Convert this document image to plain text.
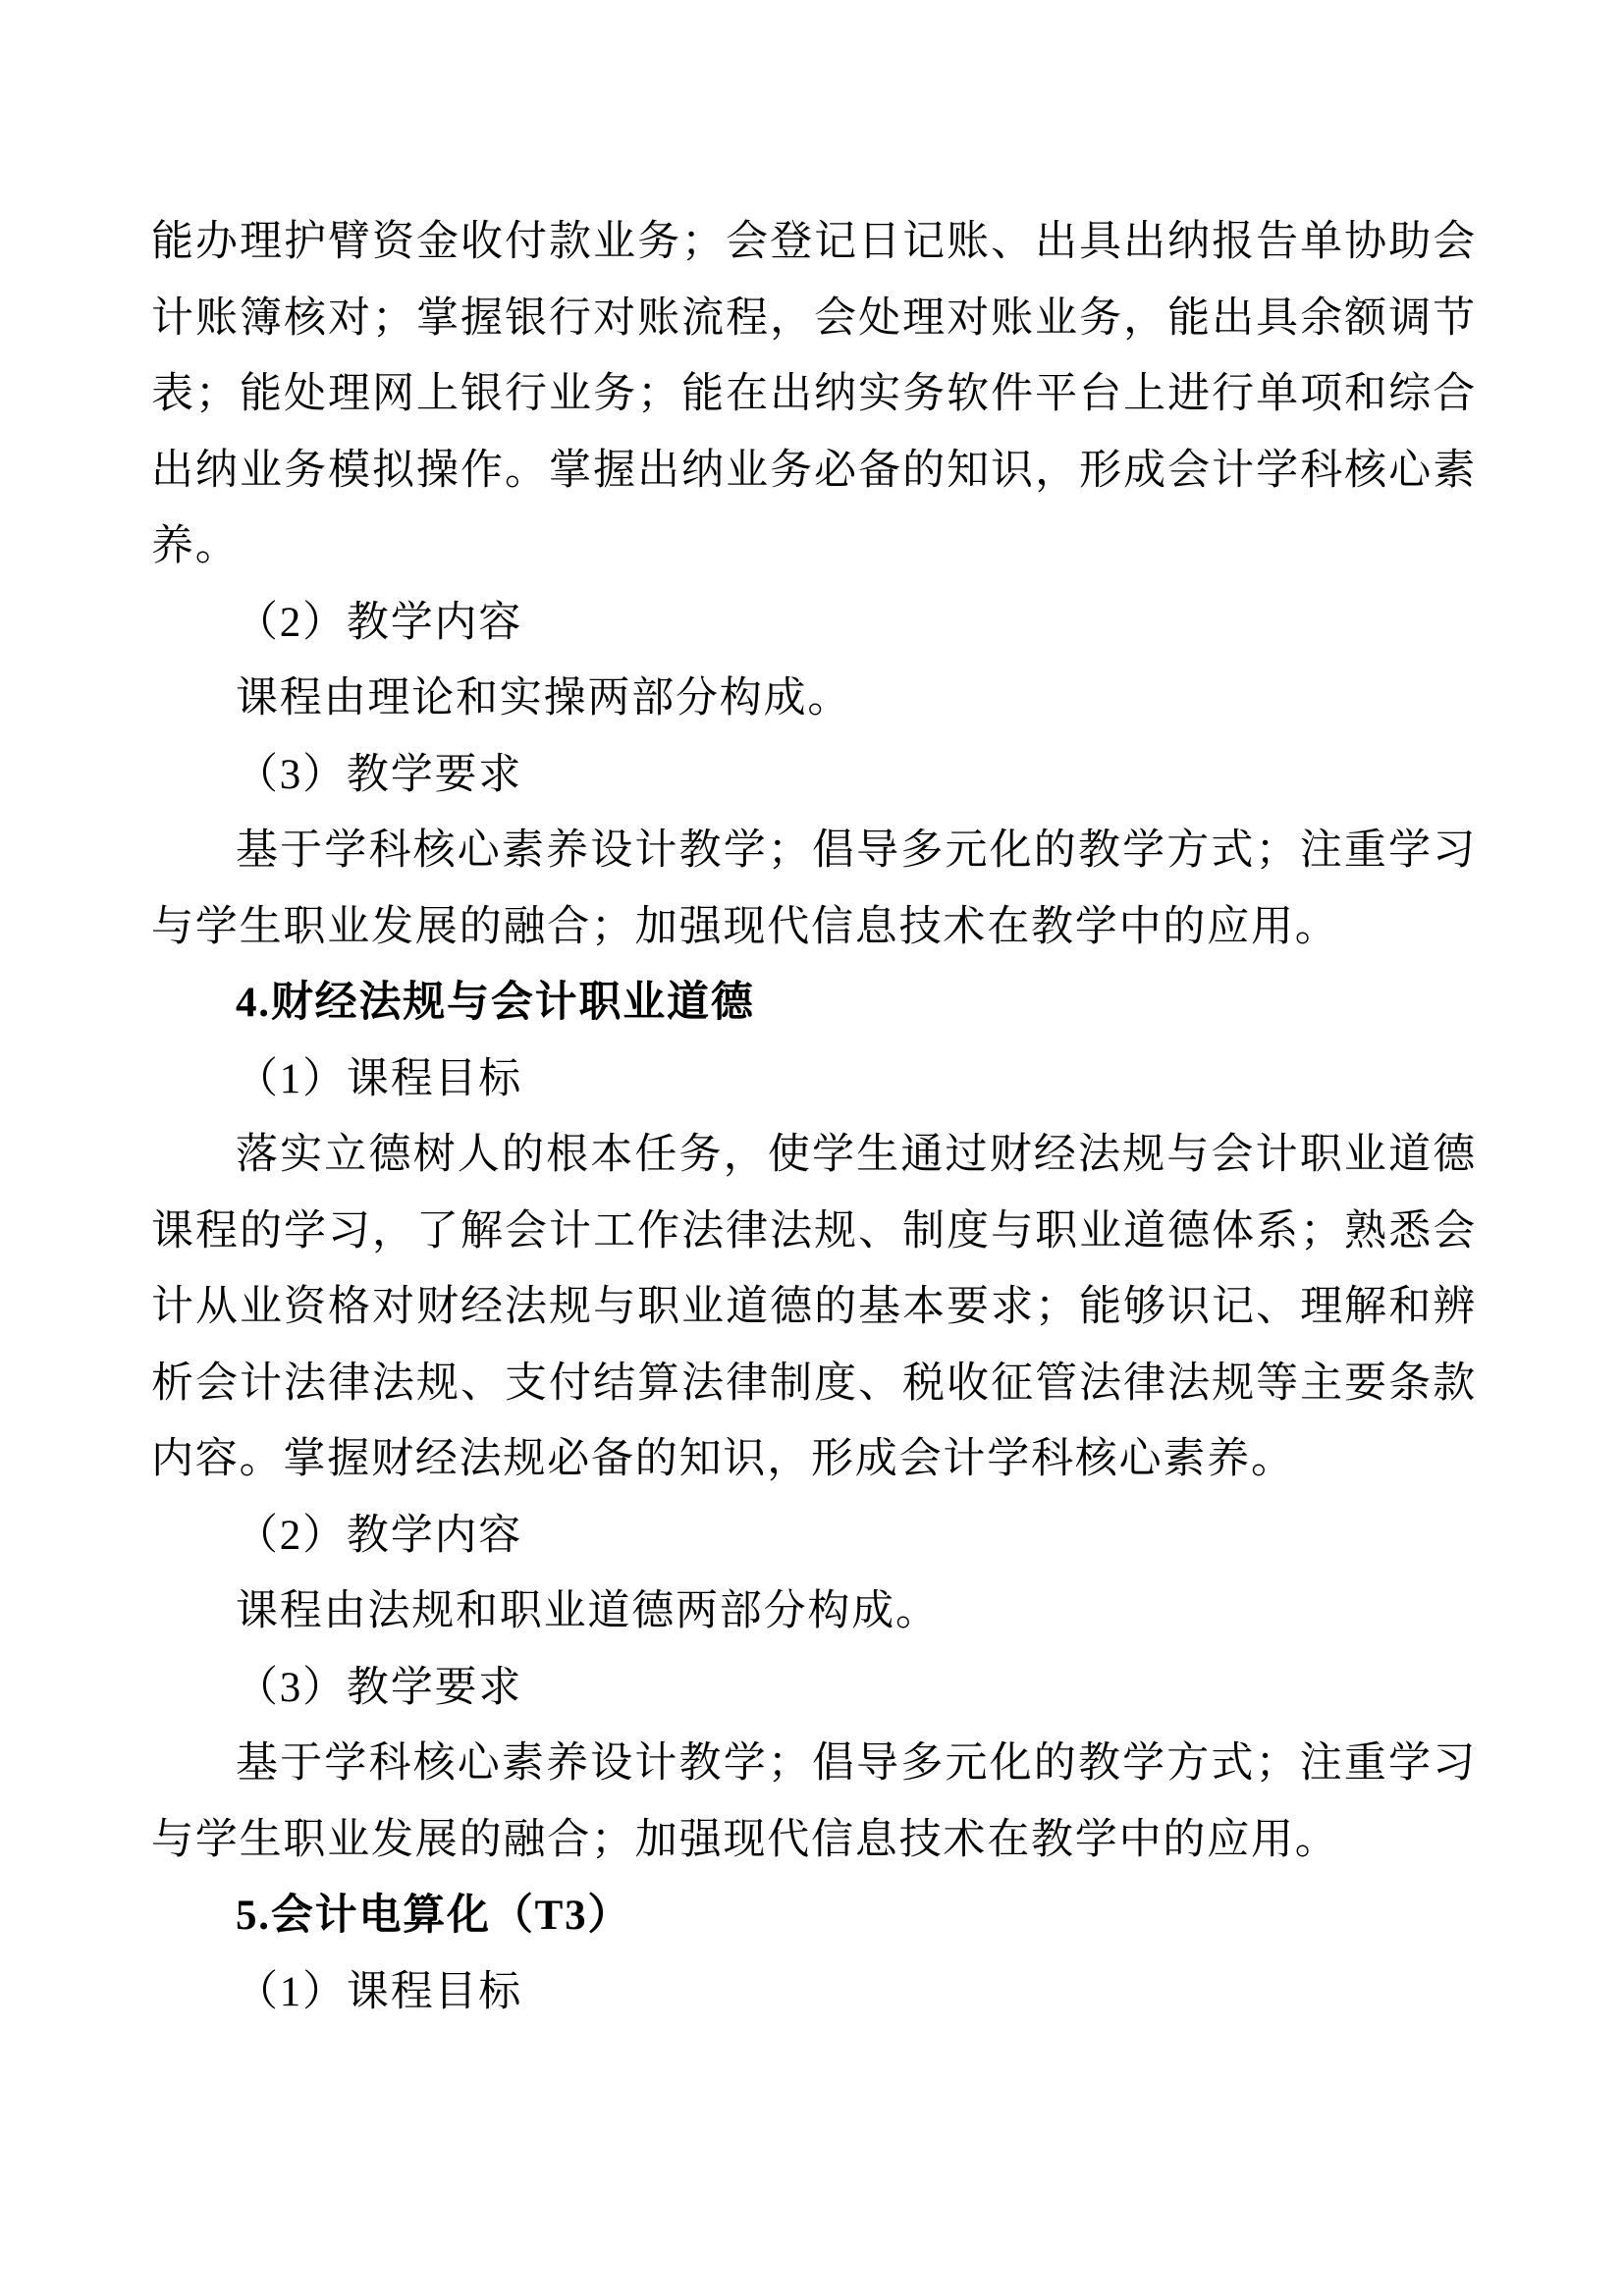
能办理护臂资金收付款业务；会登记日记账、出具出纳报告单协助会计账簿核对；掌握银行对账流程，会处理对账业务，能出具余额调节表；能处理网上银行业务；能在出纳实务软件平台上进行单项和综合出纳业务模拟操作。掌握出纳业务必备的知识，形成会计学科核心素养。

（2）教学内容

课程由理论和实操两部分构成。

（3）教学要求

基于学科核心素养设计教学；倡导多元化的教学方式；注重学习与学生职业发展的融合；加强现代信息技术在教学中的应用。

4.财经法规与会计职业道德

（1）课程目标

落实立德树人的根本任务，使学生通过财经法规与会计职业道德课程的学习，了解会计工作法律法规、制度与职业道德体系；熟悉会计从业资格对财经法规与职业道德的基本要求；能够识记、理解和辨析会计法律法规、支付结算法律制度、税收征管法律法规等主要条款内容。掌握财经法规必备的知识，形成会计学科核心素养。

（2）教学内容

课程由法规和职业道德两部分构成。

（3）教学要求

基于学科核心素养设计教学；倡导多元化的教学方式；注重学习与学生职业发展的融合；加强现代信息技术在教学中的应用。

5.会计电算化（T3）

（1）课程目标
